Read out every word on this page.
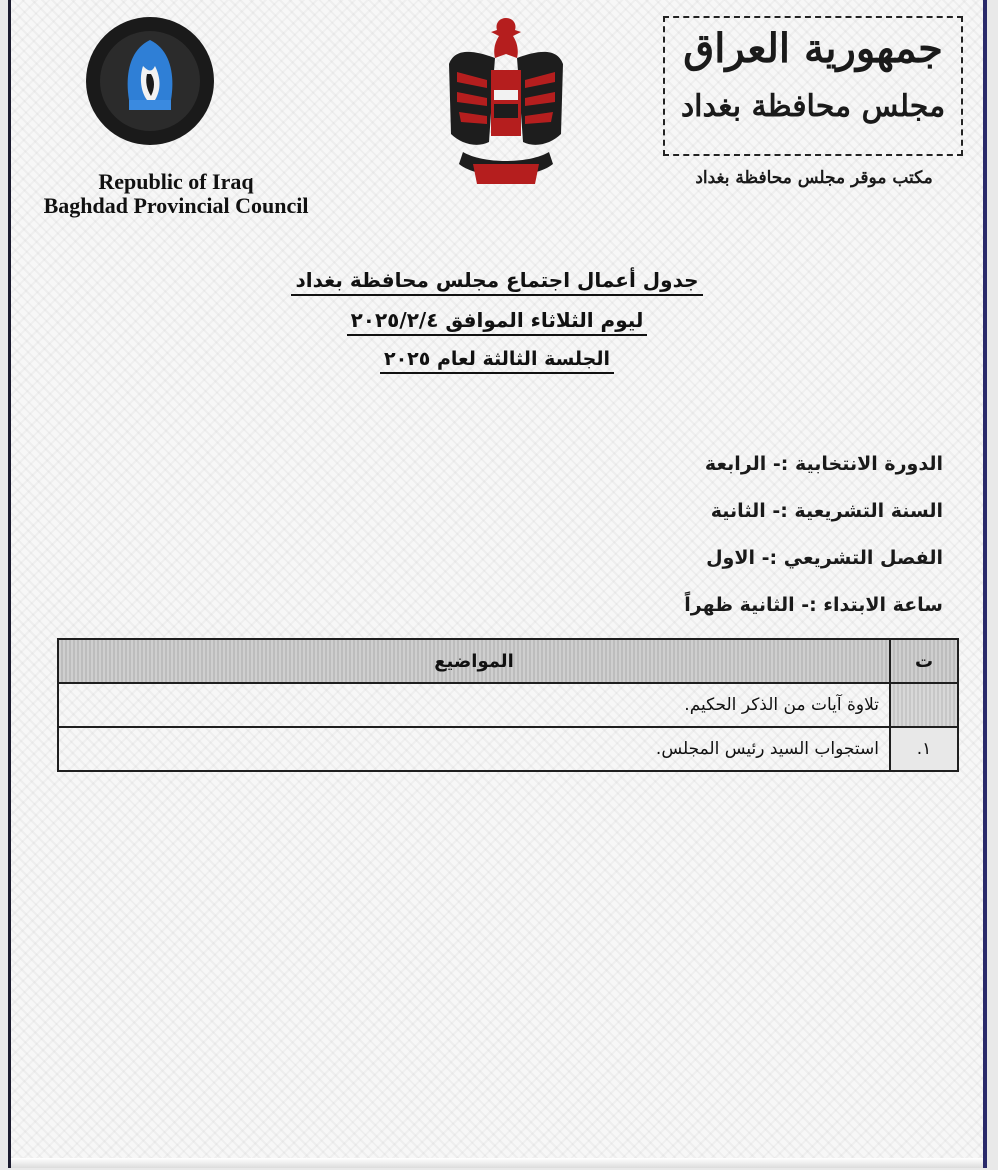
Republic of Iraq
Baghdad Provincial Council
جمهورية العراق
مجلس محافظة بغداد
مكتب موقر مجلس محافظة بغداد
جدول أعمال اجتماع مجلس محافظة بغداد
ليوم الثلاثاء الموافق ٢٠٢٥/٢/٤
الجلسة الثالثة لعام ٢٠٢٥
الدورة الانتخابية :- الرابعة
السنة التشريعية :- الثانية
الفصل التشريعي :- الاول
ساعة الابتداء :- الثانية ظهراً
ت	المواضيع
	تلاوة آيات من الذكر الحكيم.
١.	استجواب السيد رئيس المجلس.
